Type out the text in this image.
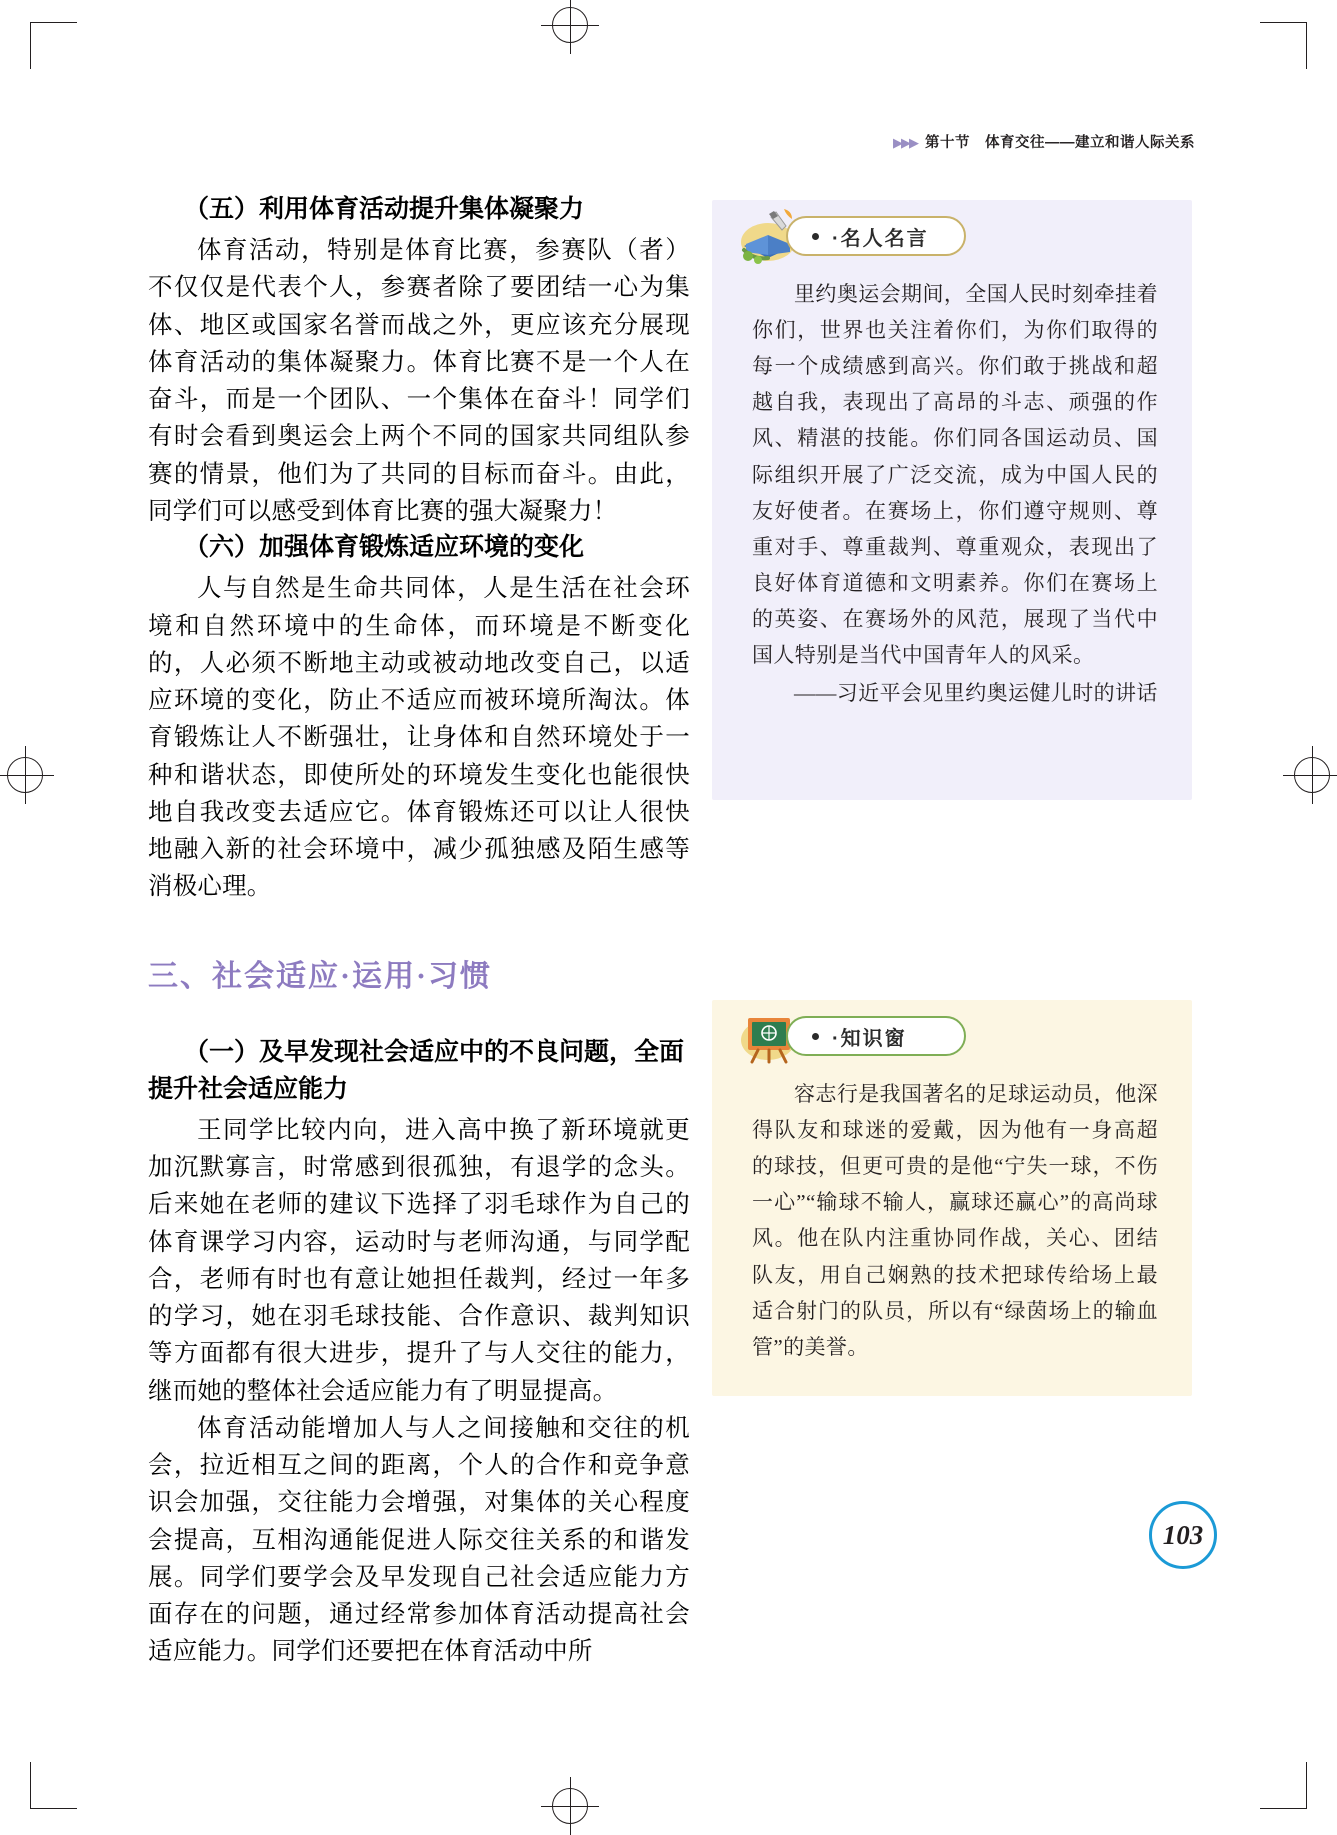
▶▶▶ 第十节　体育交往——建立和谐人际关系
（五）利用体育活动提升集体凝聚力

体育活动，特别是体育比赛，参赛队（者）不仅仅是代表个人，参赛者除了要团结一心为集体、地区或国家名誉而战之外，更应该充分展现体育活动的集体凝聚力。体育比赛不是一个人在奋斗，而是一个团队、一个集体在奋斗！同学们有时会看到奥运会上两个不同的国家共同组队参赛的情景，他们为了共同的目标而奋斗。由此，同学们可以感受到体育比赛的强大凝聚力！

（六）加强体育锻炼适应环境的变化

人与自然是生命共同体，人是生活在社会环境和自然环境中的生命体，而环境是不断变化的，人必须不断地主动或被动地改变自己，以适应环境的变化，防止不适应而被环境所淘汰。体育锻炼让人不断强壮，让身体和自然环境处于一种和谐状态，即使所处的环境发生变化也能很快地自我改变去适应它。体育锻炼还可以让人很快地融入新的社会环境中，减少孤独感及陌生感等消极心理。

三、社会适应·运用·习惯
（一）及早发现社会适应中的不良问题，全面提升社会适应能力

王同学比较内向，进入高中换了新环境就更加沉默寡言，时常感到很孤独，有退学的念头。后来她在老师的建议下选择了羽毛球作为自己的体育课学习内容，运动时与老师沟通，与同学配合，老师有时也有意让她担任裁判，经过一年多的学习，她在羽毛球技能、合作意识、裁判知识等方面都有很大进步，提升了与人交往的能力，继而她的整体社会适应能力有了明显提高。

体育活动能增加人与人之间接触和交往的机会，拉近相互之间的距离，个人的合作和竞争意识会加强，交往能力会增强，对集体的关心程度会提高，互相沟通能促进人际交往关系的和谐发展。同学们要学会及早发现自己社会适应能力方面存在的问题，通过经常参加体育活动提高社会适应能力。同学们还要把在体育活动中所

·名人名言

里约奥运会期间，全国人民时刻牵挂着你们，世界也关注着你们，为你们取得的每一个成绩感到高兴。你们敢于挑战和超越自我，表现出了高昂的斗志、顽强的作风、精湛的技能。你们同各国运动员、国际组织开展了广泛交流，成为中国人民的友好使者。在赛场上，你们遵守规则、尊重对手、尊重裁判、尊重观众，表现出了良好体育道德和文明素养。你们在赛场上的英姿、在赛场外的风范，展现了当代中国人特别是当代中国青年人的风采。

——习近平会见里约奥运健儿时的讲话

·知识窗

容志行是我国著名的足球运动员，他深得队友和球迷的爱戴，因为他有一身高超的球技，但更可贵的是他“宁失一球，不伤一心”“输球不输人，赢球还赢心”的高尚球风。他在队内注重协同作战，关心、团结队友，用自己娴熟的技术把球传给场上最适合射门的队员，所以有“绿茵场上的输血管”的美誉。

103
